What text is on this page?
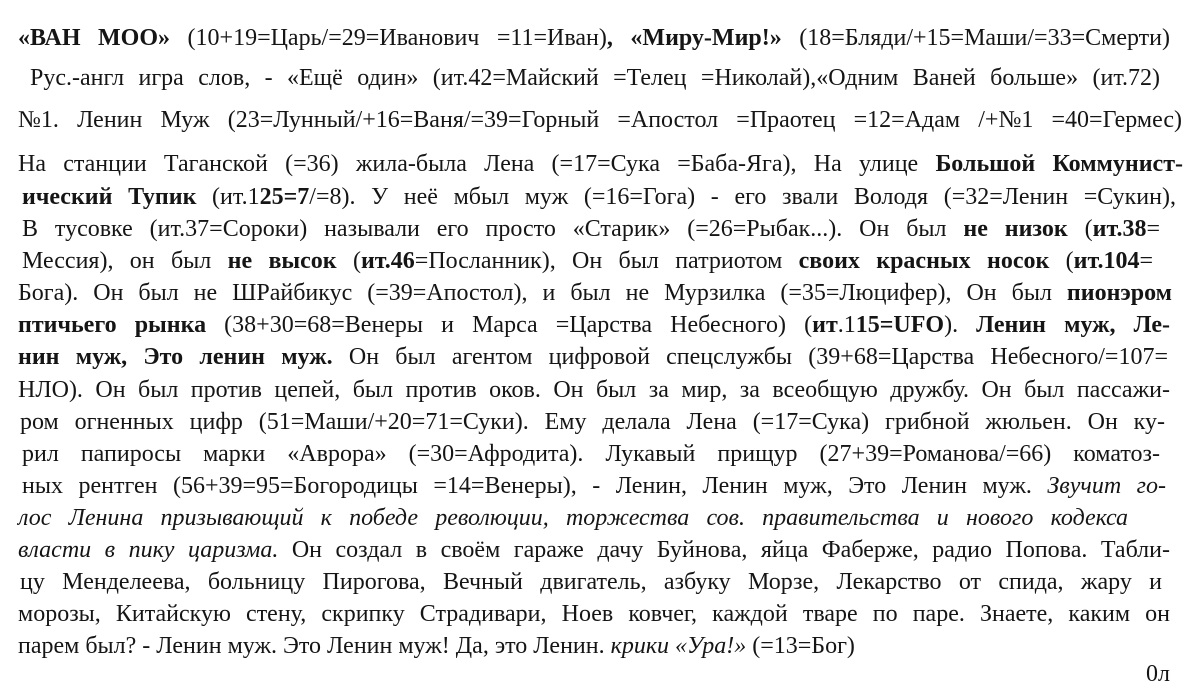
«ВАН МОО» (10+19=Царь/=29=Иванович =11=Иван), «Миру-Мир!» (18=Бляди/+15=Маши/=33=Смерти)
Рус.-англ игра слов, - «Ещё один» (ит.42=Майский =Телец =Николай),«Одним Ваней больше» (ит.72)
№1. Ленин Муж (23=Лунный/+16=Ваня/=39=Горный =Апостол =Праотец =12=Адам /+№1 =40=Гермес)
На станции Таганской (=36) жила-была Лена (=17=Сука =Баба-Яга), На улице Большой Коммунист-
ический Тупик (ит.125=7/=8). У неё мбыл муж (=16=Гога) - его звали Володя (=32=Ленин =Сукин),
В тусовке (ит.37=Сороки) называли его просто «Старик» (=26=Рыбак...). Он был не низок (ит.38=
Мессия), он был не высок (ит.46=Посланник), Он был патриотом своих красных носок (ит.104=
Бога). Он был не ШРайбикус (=39=Апостол), и был не Мурзилка (=35=Люцифер), Он был пионэром
птичьего рынка (38+30=68=Венеры и Марса =Царства Небесного) (ит.115=UFO). Ленин муж, Ле-
нин муж, Это ленин муж. Он был агентом цифровой спецслужбы (39+68=Царства Небесного/=107=
НЛО). Он был против цепей, был против оков. Он был за мир, за всеобщую дружбу. Он был пассажи-
ром огненных цифр (51=Маши/+20=71=Суки). Ему делала Лена (=17=Сука) грибной жюльен. Он ку-
рил папиросы марки «Аврора» (=30=Афродита). Лукавый прищур (27+39=Романова/=66) коматоз-
ных рентген (56+39=95=Богородицы =14=Венеры), - Ленин, Ленин муж, Это Ленин муж. Звучит го-
лос Ленина призывающий к победе революции, торжества сов. правительства и нового кодекса
власти в пику царизма. Он создал в своём гараже дачу Буйнова, яйца Фаберже, радио Попова. Табли-
цу Менделеева, больницу Пирогова, Вечный двигатель, азбуку Морзе, Лекарство от спида, жару и
морозы, Китайскую стену, скрипку Страдивари, Ноев ковчег, каждой тваре по паре. Знаете, каким он
парем был? - Ленин муж. Это Ленин муж! Да, это Ленин. крики «Ура!» (=13=Бог)
0л
